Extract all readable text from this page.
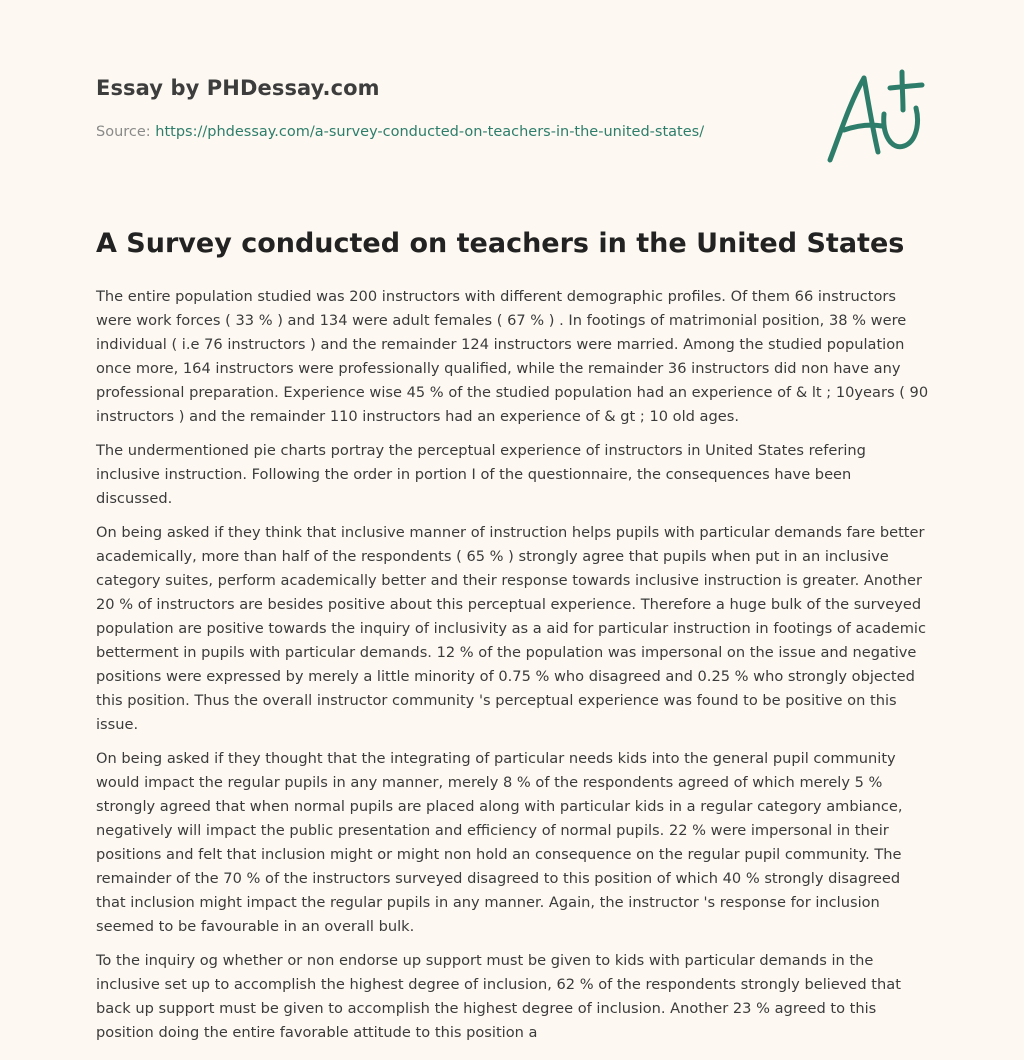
Essay by PHDessay.com
Source: https://phdessay.com/a-survey-conducted-on-teachers-in-the-united-states/
A Survey conducted on teachers in the United States

The entire population studied was 200 instructors with different demographic profiles. Of them 66 instructors were work forces ( 33 % ) and 134 were adult females ( 67 % ) . In footings of matrimonial position, 38 % were individual ( i.e 76 instructors ) and the remainder 124 instructors were married. Among the studied population once more, 164 instructors were professionally qualified, while the remainder 36 instructors did non have any professional preparation. Experience wise 45 % of the studied population had an experience of & lt ; 10years ( 90 instructors ) and the remainder 110 instructors had an experience of & gt ; 10 old ages.

The undermentioned pie charts portray the perceptual experience of instructors in United States refering inclusive instruction. Following the order in portion I of the questionnaire, the consequences have been discussed.

On being asked if they think that inclusive manner of instruction helps pupils with particular demands fare better academically, more than half of the respondents ( 65 % ) strongly agree that pupils when put in an inclusive category suites, perform academically better and their response towards inclusive instruction is greater. Another 20 % of instructors are besides positive about this perceptual experience. Therefore a huge bulk of the surveyed population are positive towards the inquiry of inclusivity as a aid for particular instruction in footings of academic betterment in pupils with particular demands. 12 % of the population was impersonal on the issue and negative positions were expressed by merely a little minority of 0.75 % who disagreed and 0.25 % who strongly objected this position. Thus the overall instructor community 's perceptual experience was found to be positive on this issue.

On being asked if they thought that the integrating of particular needs kids into the general pupil community would impact the regular pupils in any manner, merely 8 % of the respondents agreed of which merely 5 % strongly agreed that when normal pupils are placed along with particular kids in a regular category ambiance, negatively will impact the public presentation and efficiency of normal pupils. 22 % were impersonal in their positions and felt that inclusion might or might non hold an consequence on the regular pupil community. The remainder of the 70 % of the instructors surveyed disagreed to this position of which 40 % strongly disagreed that inclusion might impact the regular pupils in any manner. Again, the instructor 's response for inclusion seemed to be favourable in an overall bulk.

To the inquiry og whether or non endorse up support must be given to kids with particular demands in the inclusive set up to accomplish the highest degree of inclusion, 62 % of the respondents strongly believed that back up support must be given to accomplish the highest degree of inclusion. Another 23 % agreed to this position doing the entire favorable attitude to this position a
